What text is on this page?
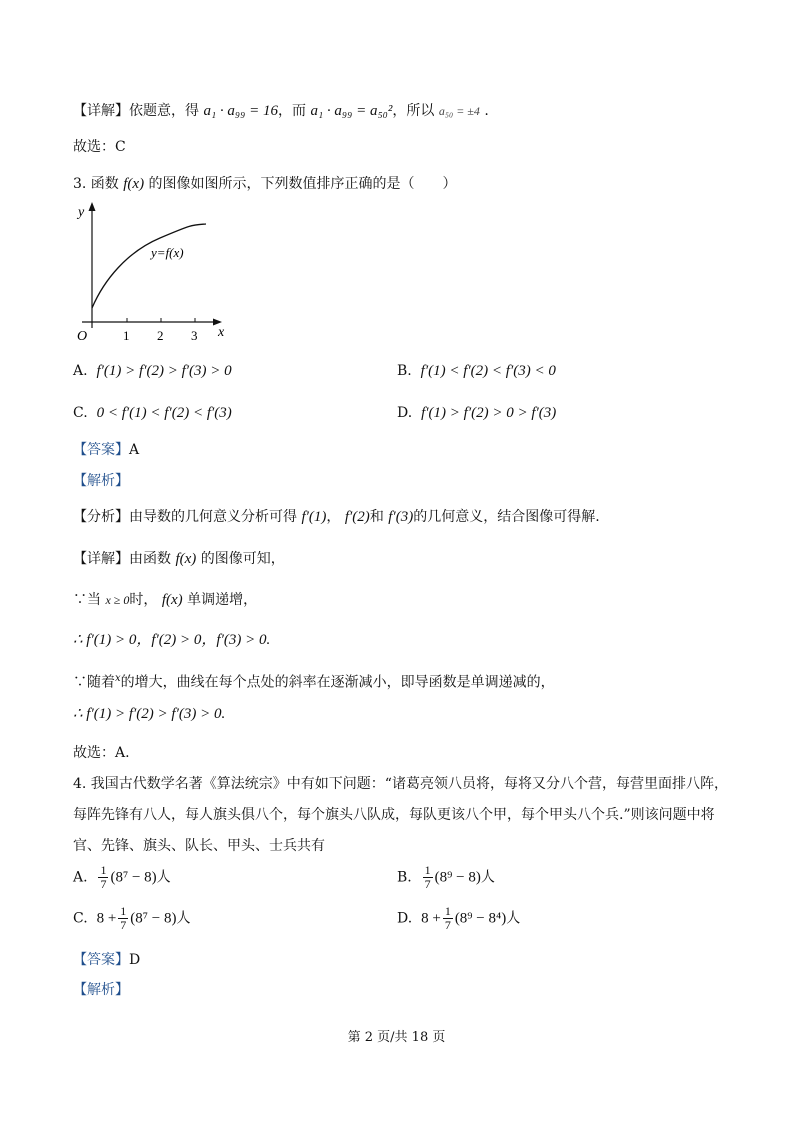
【详解】依题意，得 a₁ · a₉₉ = 16，而 a₁ · a₉₉ = a₅₀²，所以 a₅₀ = ±4 .
故选：C
3. 函数 f(x) 的图像如图所示，下列数值排序正确的是（　　）
y
x
O	1 2 3
y=f(x)
A. f′(1) > f′(2) > f′(3) > 0	B. f′(1) < f′(2) < f′(3) < 0
C. 0 < f′(1) < f′(2) < f′(3)	D. f′(1) > f′(2) > 0 > f′(3)
【答案】A
【解析】
【分析】由导数的几何意义分析可得 f′(1)， f′(2)和 f′(3)的几何意义，结合图像可得解.
【详解】由函数 f(x) 的图像可知，
∵当 x ≥ 0时， f(x) 单调递增，
∴ f′(1) > 0，f′(2) > 0，f′(3) > 0.
∵随着$^x$的增大，曲线在每个点处的斜率在逐渐减小，即导函数是单调递减的，
∴ f′(1) > f′(2) > f′(3) > 0.
故选：A.
4. 我国古代数学名著《算法统宗》中有如下问题：“诸葛亮领八员将，每将又分八个营，每营里面排八阵，
每阵先锋有八人，每人旗头俱八个，每个旗头八队成，每队更该八个甲，每个甲头八个兵.”则该问题中将
官、先锋、旗头、队长、甲头、士兵共有
A. $\frac{1}{7} (8^7 - 8)$人	B. $\frac{1}{7} (8^9 - 8)$人
C. $8 + \frac{1}{7} (8^7 - 8)$人	D. $8 + \frac{1}{7} (8^9 - 8^4)$人
【答案】D
【解析】
第 2 页/共 18 页
